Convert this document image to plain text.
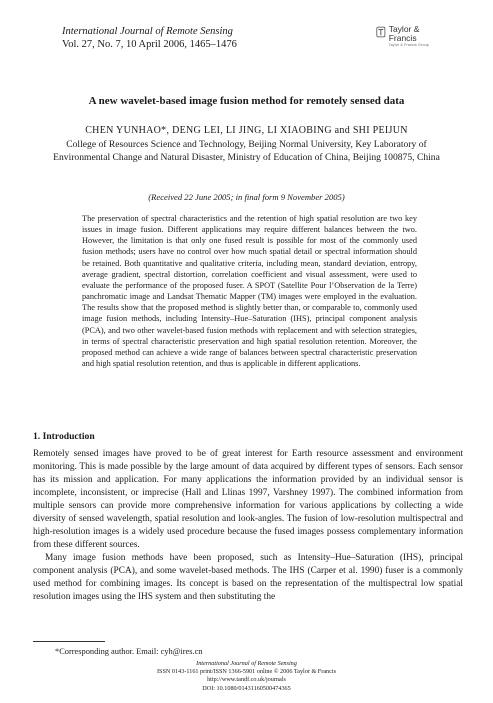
International Journal of Remote Sensing
Vol. 27, No. 7, 10 April 2006, 1465–1476
Taylor & Francis
Taylor & Francis Group
A new wavelet-based image fusion method for remotely sensed data
CHEN YUNHAO*, DENG LEI, LI JING, LI XIAOBING and SHI PEIJUN
College of Resources Science and Technology, Beijing Normal University, Key Laboratory of Environmental Change and Natural Disaster, Ministry of Education of China, Beijing 100875, China
(Received 22 June 2005; in final form 9 November 2005)
The preservation of spectral characteristics and the retention of high spatial resolution are two key issues in image fusion. Different applications may require different balances between the two. However, the limitation is that only one fused result is possible for most of the commonly used fusion methods; users have no control over how much spatial detail or spectral information should be retained. Both quantitative and qualitative criteria, including mean, standard deviation, entropy, average gradient, spectral distortion, correlation coefficient and visual assessment, were used to evaluate the performance of the proposed fuser. A SPOT (Satellite Pour l’Observation de la Terre) panchromatic image and Landsat Thematic Mapper (TM) images were employed in the evaluation. The results show that the proposed method is slightly better than, or comparable to, commonly used image fusion methods, including Intensity–Hue–Saturation (IHS), principal component analysis (PCA), and two other wavelet-based fusion methods with replacement and with selection strategies, in terms of spectral characteristic preservation and high spatial resolution retention. Moreover, the proposed method can achieve a wide range of balances between spectral characteristic preservation and high spatial resolution retention, and thus is applicable in different applications.
1. Introduction

Remotely sensed images have proved to be of great interest for Earth resource assessment and environment monitoring. This is made possible by the large amount of data acquired by different types of sensors. Each sensor has its mission and application. For many applications the information provided by an individual sensor is incomplete, inconsistent, or imprecise (Hall and Llinas 1997, Varshney 1997). The combined information from multiple sensors can provide more comprehensive information for various applications by collecting a wide diversity of sensed wavelength, spatial resolution and look-angles. The fusion of low-resolution multispectral and high-resolution images is a widely used procedure because the fused images possess complementary information from these different sources.

Many image fusion methods have been proposed, such as Intensity–Hue–Saturation (IHS), principal component analysis (PCA), and some wavelet-based methods. The IHS (Carper et al. 1990) fuser is a commonly used method for combining images. Its concept is based on the representation of the multispectral low spatial resolution images using the IHS system and then substituting the

*Corresponding author. Email: cyh@ires.cn
International Journal of Remote Sensing
ISSN 0143-1161 print/ISSN 1366-5901 online © 2006 Taylor & Francis
http://www.tandf.co.uk/journals
DOI: 10.1080/01431160500474365
